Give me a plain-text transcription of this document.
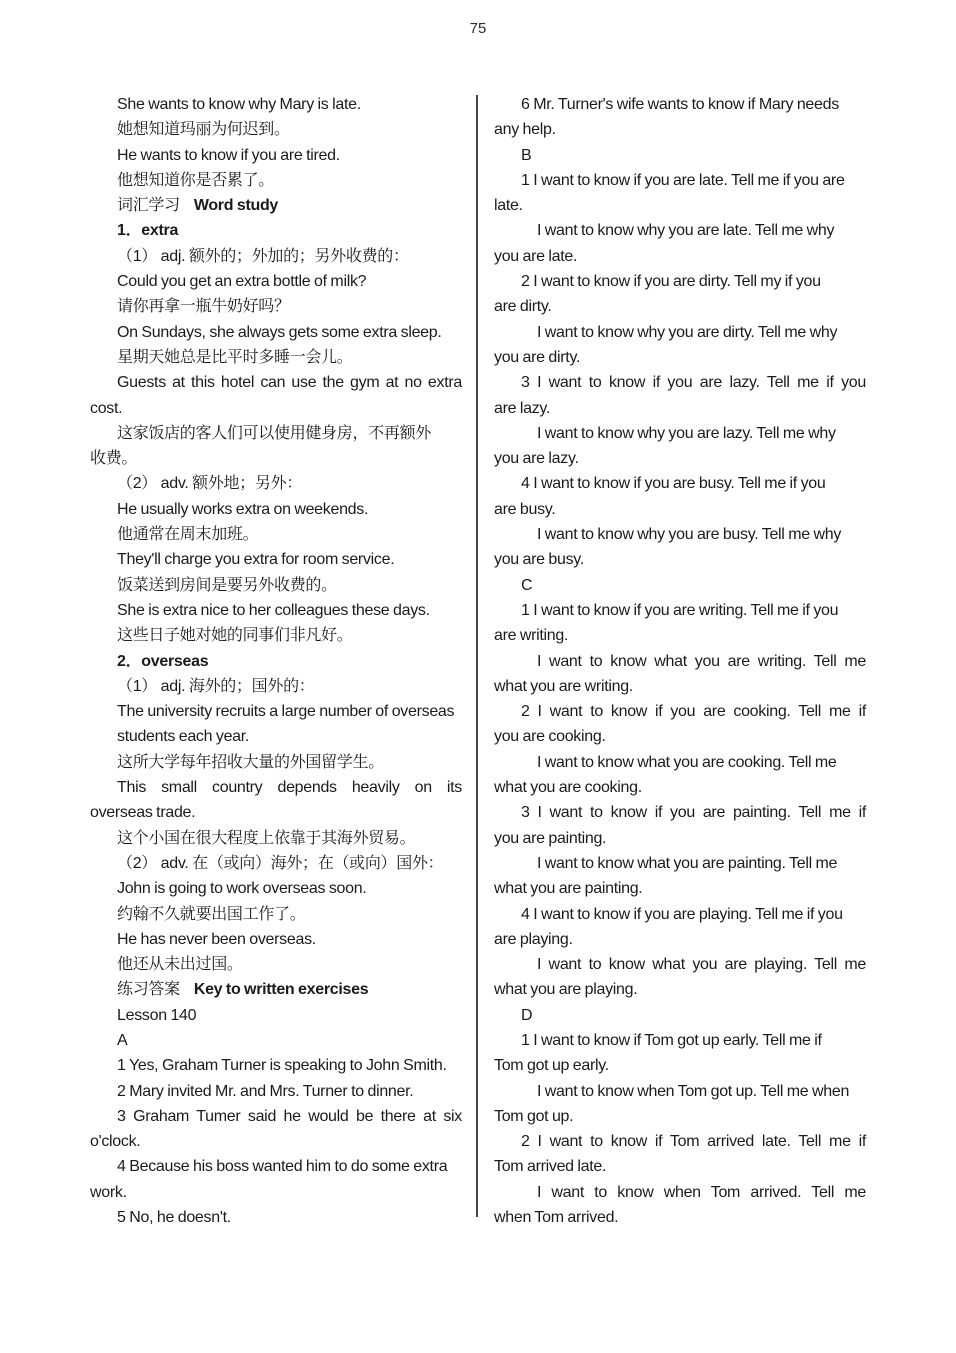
75
She wants to know why Mary is late.
她想知道玛丽为何迟到。
He wants to know if you are tired.
他想知道你是否累了。
词汇学习 Word study
1．extra
（1） adj. 额外的；外加的；另外收费的：
Could you get an extra bottle of milk?
请你再拿一瓶牛奶好吗？
On Sundays, she always gets some extra sleep.
星期天她总是比平时多睡一会儿。
Guests at this hotel can use the gym at no extra
cost.
这家饭店的客人们可以使用健身房，不再额外
收费。
（2） adv. 额外地；另外：
He usually works extra on weekends.
他通常在周末加班。
They'll charge you extra for room service.
饭菜送到房间是要另外收费的。
She is extra nice to her colleagues these days.
这些日子她对她的同事们非凡好。
2．overseas
（1） adj. 海外的；国外的：
The university recruits a large number of overseas
students each year.
这所大学每年招收大量的外国留学生。
This small country depends heavily on its
overseas trade.
这个小国在很大程度上依靠于其海外贸易。
（2） adv. 在（或向）海外；在（或向）国外：
John is going to work overseas soon.
约翰不久就要出国工作了。
He has never been overseas.
他还从未出过国。
练习答案 Key to written exercises
Lesson 140
A
1 Yes, Graham Turner is speaking to John Smith.
2 Mary invited Mr. and Mrs. Turner to dinner.
3 Graham Tumer said he would be there at six
o'clock.
4 Because his boss wanted him to do some extra
work.
5 No, he doesn't.
6 Mr. Turner's wife wants to know if Mary needs
any help.
B
1 I want to know if you are late. Tell me if you are
late.
I want to know why you are late. Tell me why
you are late.
2 I want to know if you are dirty. Tell my if you
are dirty.
I want to know why you are dirty. Tell me why
you are dirty.
3 I want to know if you are lazy. Tell me if you
are lazy.
I want to know why you are lazy. Tell me why
you are lazy.
4 I want to know if you are busy. Tell me if you
are busy.
I want to know why you are busy. Tell me why
you are busy.
C
1 I want to know if you are writing. Tell me if you
are writing.
I want to know what you are writing. Tell me
what you are writing.
2 I want to know if you are cooking. Tell me if
you are cooking.
I want to know what you are cooking. Tell me
what you are cooking.
3 I want to know if you are painting. Tell me if
you are painting.
I want to know what you are painting. Tell me
what you are painting.
4 I want to know if you are playing. Tell me if you
are playing.
I want to know what you are playing. Tell me
what you are playing.
D
1 I want to know if Tom got up early. Tell me if
Tom got up early.
I want to know when Tom got up. Tell me when
Tom got up.
2 I want to know if Tom arrived late. Tell me if
Tom arrived late.
I want to know when Tom arrived. Tell me
when Tom arrived.
